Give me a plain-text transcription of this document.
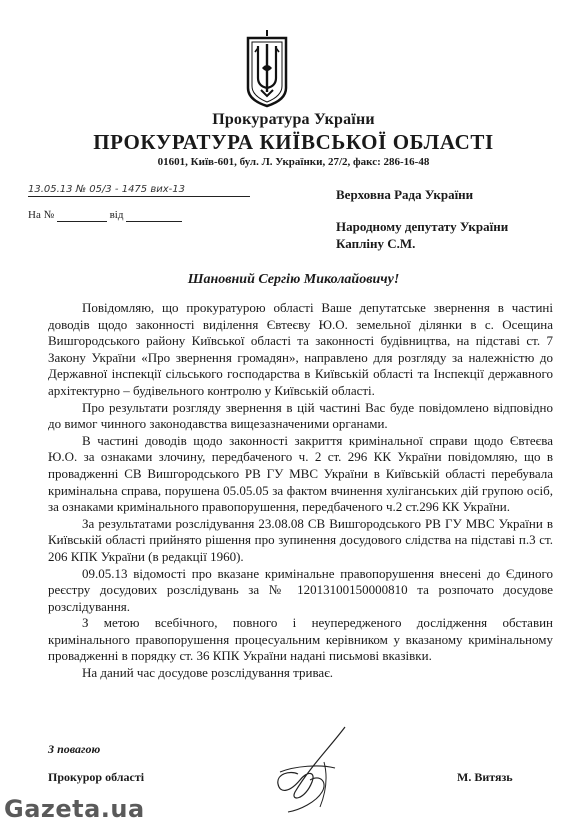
Прокуратура України
ПРОКУРАТУРА КИЇВСЬКОЇ ОБЛАСТІ
01601, Київ-601, бул. Л. Українки, 27/2, факс: 286-16-48
13.05.13 № 05/3 - 1475 вих-13
На №	від
Верховна Рада України
Народному депутату України
Капліну С.М.
Шановний Сергію Миколайовичу!

Повідомляю, що прокуратурою області Ваше депутатське звернення в частині доводів щодо законності виділення Євтеєву Ю.О. земельної ділянки в с. Осещина Вишгородського району Київської області та законності будівництва, на підставі ст. 7 Закону України «Про звернення громадян», направлено для розгляду за належністю до Державної інспекції сільського господарства в Київській області та Інспекції державного архітектурно – будівельного контролю у Київській області.

Про результати розгляду звернення в цій частині Вас буде повідомлено відповідно до вимог чинного законодавства вищезазначеними органами.

В частині доводів щодо законності закриття кримінальної справи щодо Євтеєва Ю.О. за ознаками злочину, передбаченого ч. 2 ст. 296 КК України повідомляю, що в провадженні СВ Вишгородського РВ ГУ МВС України в Київській області перебувала кримінальна справа, порушена 05.05.05 за фактом вчинення хуліганських дій групою осіб, за ознаками кримінального правопорушення, передбаченого ч.2 ст.296 КК України.

За результатами розслідування 23.08.08 СВ Вишгородського РВ ГУ МВС України в Київській області прийнято рішення про зупинення досудового слідства на підставі п.3 ст. 206 КПК України (в редакції 1960).

09.05.13 відомості про вказане кримінальне правопорушення внесені до Єдиного реєстру досудових розслідувань за № 12013100150000810 та розпочато досудове розслідування.

З метою всебічного, повного і неупередженого дослідження обставин кримінального правопорушення процесуальним керівником у вказаному кримінальному провадженні в порядку ст. 36 КПК України надані письмові вказівки.

На даний час досудове розслідування триває.

З повагою
Прокурор області	М. Витязь
Gazeta.ua
